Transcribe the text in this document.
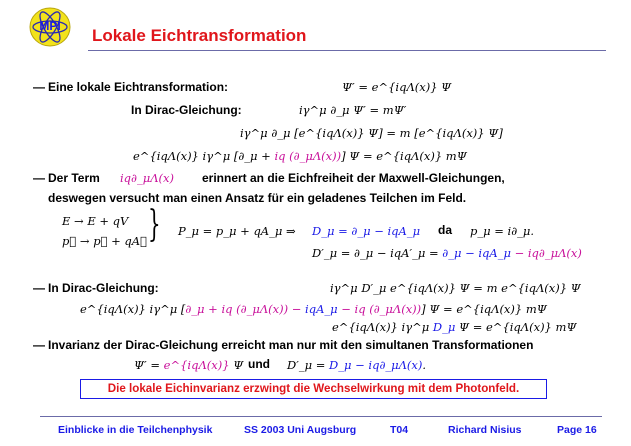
MPI	Lokale Eichtransformation
— Eine lokale Eichtransformation:	Ψ′ = e^{iqΛ(x)} Ψ
In Dirac-Gleichung:	iγ^μ ∂_μ Ψ′ = mΨ′
iγ^μ ∂_μ [e^{iqΛ(x)} Ψ] = m [e^{iqΛ(x)} Ψ]
e^{iqΛ(x)} iγ^μ [∂_μ + iq (∂_μΛ(x))] Ψ = e^{iqΛ(x)} mΨ
— Der Term iq∂_μΛ(x) erinnert an die Eichfreiheit der Maxwell-Gleichungen,
deswegen versucht man einen Ansatz für ein geladenes Teilchen im Feld.
E → E + qV
p⃗ → p⃗ + qA⃗ } P_μ = p_μ + qA_μ ⇒ D_μ = ∂_μ − iqA_μ da p_μ = i∂_μ.
D′_μ = ∂_μ − iqA′_μ = ∂_μ − iqA_μ − iq∂_μΛ(x)
— In Dirac-Gleichung:	iγ^μ D′_μ e^{iqΛ(x)} Ψ = m e^{iqΛ(x)} Ψ
e^{iqΛ(x)} iγ^μ [∂_μ + iq (∂_μΛ(x)) − iqA_μ − iq (∂_μΛ(x))] Ψ = e^{iqΛ(x)} mΨ
e^{iqΛ(x)} iγ^μ D_μ Ψ = e^{iqΛ(x)} mΨ
— Invarianz der Dirac-Gleichung erreicht man nur mit den simultanen Transformationen
Ψ′ = e^{iqΛ(x)} Ψ und D′_μ = D_μ − iq∂_μΛ(x).
Die lokale Eichinvarianz erzwingt die Wechselwirkung mit dem Photonfeld.
Einblicke in die Teilchenphysik	SS 2003 Uni Augsburg	T04	Richard Nisius	Page 16
